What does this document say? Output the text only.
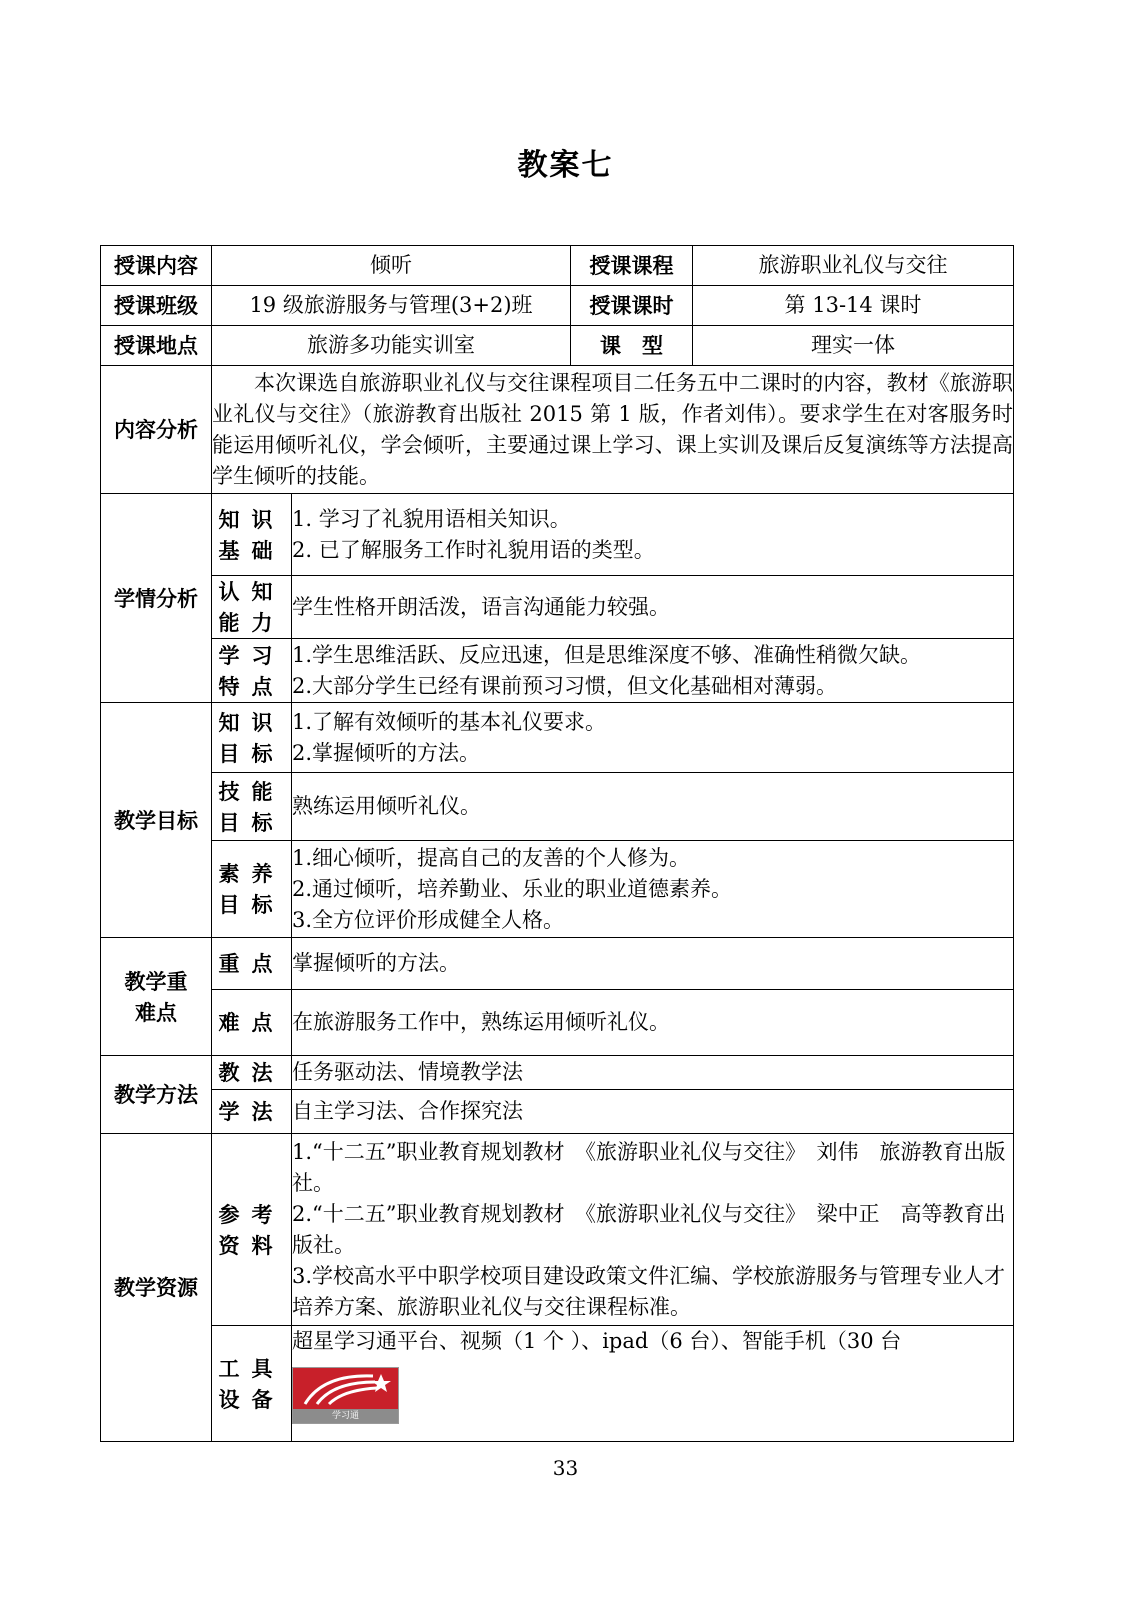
教案七
授课内容	倾听		授课课程	旅游职业礼仪与交往
授课班级	19 级旅游服务与管理(3+2)班		授课课时	第 13-14 课时
授课地点	旅游多功能实训室		课　型	理实一体
内容分析	本次课选自旅游职业礼仪与交往课程项目二任务五中二课时的内容，教材《旅游职业礼仪与交往》（旅游教育出版社 2015 第 1 版，作者刘伟）。要求学生在对客服务时能运用倾听礼仪，学会倾听，主要通过课上学习、课上实训及课后反复演练等方法提高学生倾听的技能。			
学情分析	知识
基础	1. 学习了礼貌用语相关知识。
2. 已了解服务工作时礼貌用语的类型。		

	认知
能力	学生性格开朗活泼，语言沟通能力较强。		

	学习
特点	1.学生思维活跃、反应迅速，但是思维深度不够、准确性稍微欠缺。
2.大部分学生已经有课前预习习惯，但文化基础相对薄弱。		

教学目标	知识
目标	1.了解有效倾听的基本礼仪要求。
2.掌握倾听的方法。		

	技能
目标	熟练运用倾听礼仪。		

	素养
目标	1.细心倾听，提高自己的友善的个人修为。
2.通过倾听，培养勤业、乐业的职业道德素养。
3.全方位评价形成健全人格。		

教学重
难点	重点	掌握倾听的方法。		
	难点	在旅游服务工作中，熟练运用倾听礼仪。		
教学方法	教法	任务驱动法、情境教学法		
	学法	自主学习法、合作探究法		
教学资源	参考
资料	1.“十二五”职业教育规划教材　《旅游职业礼仪与交往》　刘伟　旅游教育出版社。
2.“十二五”职业教育规划教材　《旅游职业礼仪与交往》　梁中正　高等教育出版社。
3.学校高水平中职学校项目建设政策文件汇编、学校旅游服务与管理专业人才培养方案、旅游职业礼仪与交往课程标准。		

	工具
设备	超星学习通平台、视频（1 个 ）、ipad（6 台）、智能手机（30 台
学习通		
33
